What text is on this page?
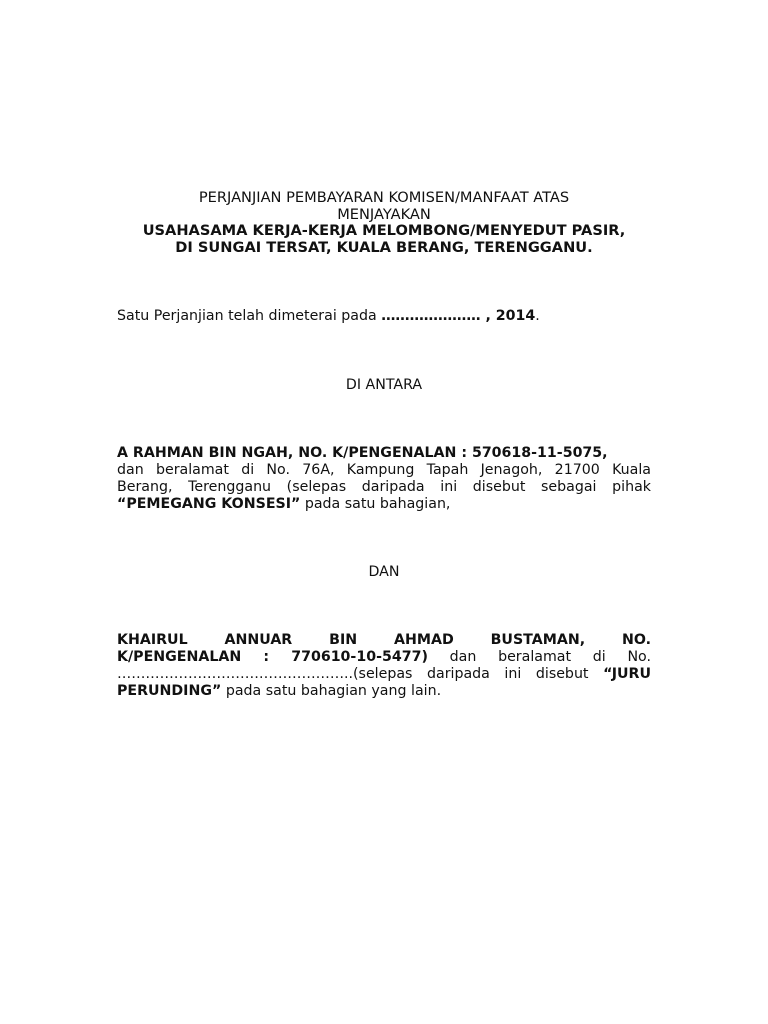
PERJANJIAN PEMBAYARAN KOMISEN/MANFAAT ATAS
MENJAYAKAN
USAHASAMA KERJA-KERJA MELOMBONG/MENYEDUT PASIR,
DI SUNGAI TERSAT, KUALA BERANG, TERENGGANU.
Satu Perjanjian telah dimeterai pada ………………… , 2014.
DI ANTARA
A RAHMAN BIN NGAH, NO. K/PENGENALAN : 570618-11-5075,
dan beralamat di No. 76A, Kampung Tapah Jenagoh, 21700 Kuala
Berang, Terengganu (selepas daripada ini disebut sebagai pihak
“PEMEGANG KONSESI” pada satu bahagian,
DAN
KHAIRUL ANNUAR BIN AHMAD BUSTAMAN, NO.
K/PENGENALAN : 770610-10-5477) dan beralamat di No.
…………………………………………..(selepas daripada ini disebut “JURU
PERUNDING” pada satu bahagian yang lain.
